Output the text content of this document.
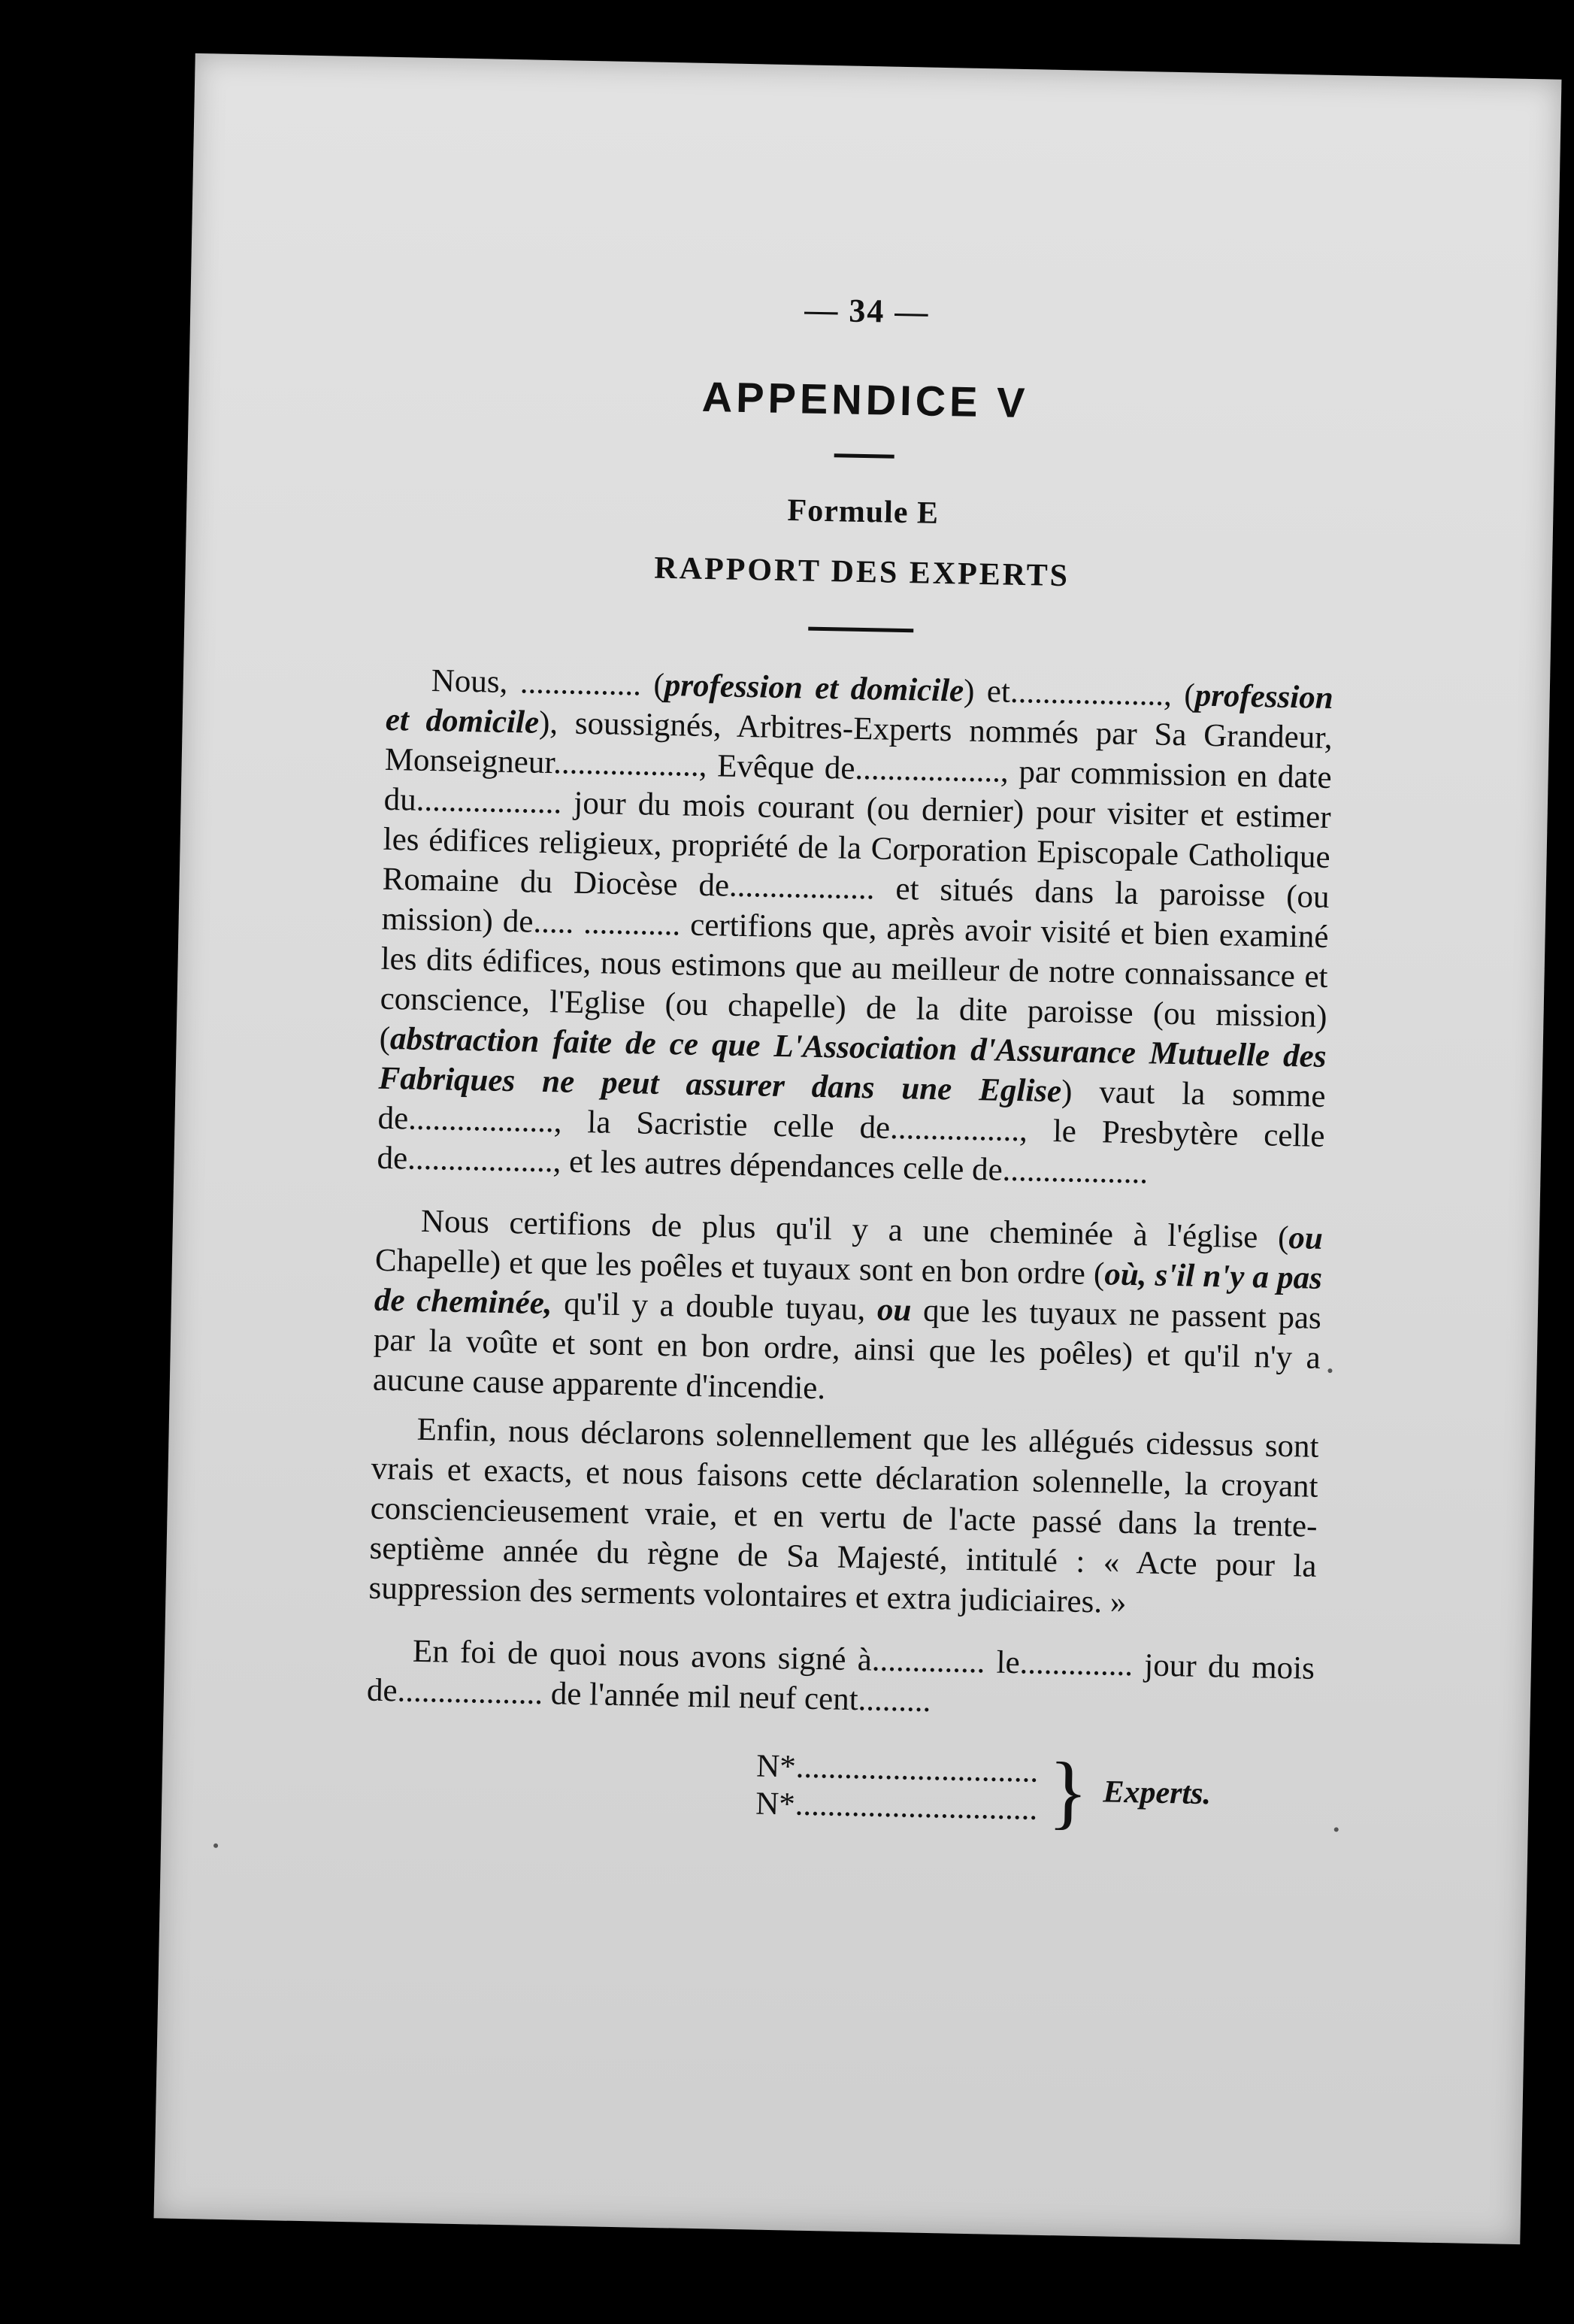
— 34 —
APPENDICE V
Formule E
RAPPORT DES EXPERTS

Nous, ............... (profession et domicile) et..................., (profession et domicile), soussignés, Arbitres-Experts nommés par Sa Grandeur, Monseigneur.................., Evêque de.................., par commission en date du.................. jour du mois courant (ou dernier) pour visiter et estimer les édifices religieux, propriété de la Corporation Episcopale Catholique Romaine du Diocèse de.................. et situés dans la paroisse (ou mission) de..... ............ certifions que, après avoir visité et bien examiné les dits édifices, nous estimons que au meilleur de notre connaissance et conscience, l'Eglise (ou chapelle) de la dite paroisse (ou mission) (abstraction faite de ce que L'Association d'Assurance Mutuelle des Fabriques ne peut assurer dans une Eglise) vaut la somme de.................., la Sacristie celle de................, le Presbytère celle de.................., et les autres dépendances celle de..................

Nous certifions de plus qu'il y a une cheminée à l'église (ou Chapelle) et que les poêles et tuyaux sont en bon ordre (où, s'il n'y a pas de cheminée, qu'il y a double tuyau, ou que les tuyaux ne passent pas par la voûte et sont en bon ordre, ainsi que les poêles) et qu'il n'y a aucune cause apparente d'incendie.

Enfin, nous déclarons solennellement que les allégués cidessus sont vrais et exacts, et nous faisons cette déclaration solennelle, la croyant consciencieusement vraie, et en vertu de l'acte passé dans la trente-septième année du règne de Sa Majesté, intitulé : « Acte pour la suppression des serments volontaires et extra judiciaires. »

En foi de quoi nous avons signé à.............. le.............. jour du mois de.................. de l'année mil neuf cent.........

N*..............................
N*.............................. } Experts.
